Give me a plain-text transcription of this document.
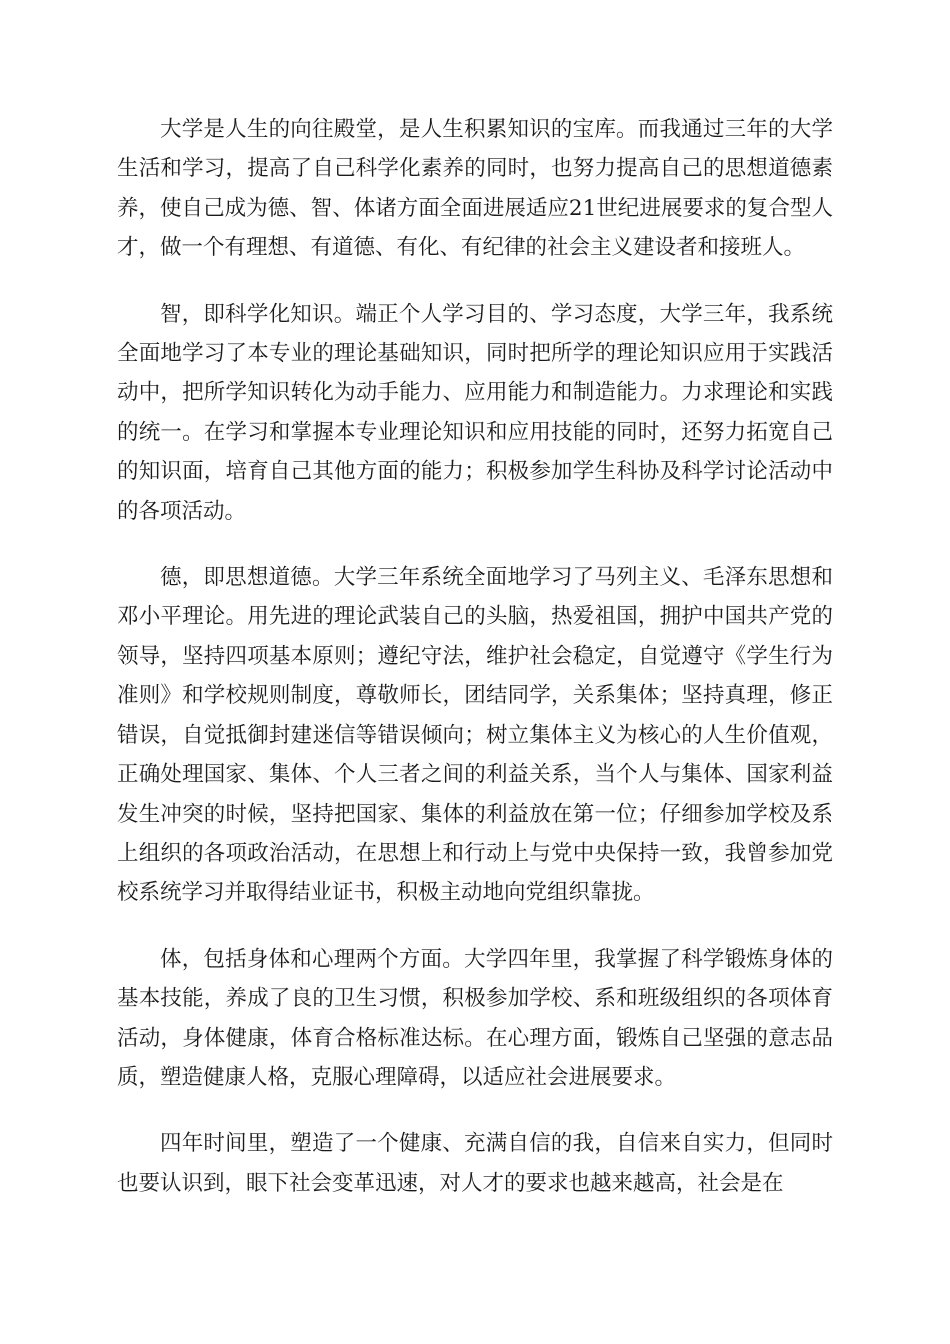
大学是人生的向往殿堂，是人生积累知识的宝库。而我通过三年的大学生活和学习，提高了自己科学化素养的同时，也努力提高自己的思想道德素养，使自己成为德、智、体诸方面全面进展适应21世纪进展要求的复合型人才，做一个有理想、有道德、有化、有纪律的社会主义建设者和接班人。

智，即科学化知识。端正个人学习目的、学习态度，大学三年，我系统全面地学习了本专业的理论基础知识，同时把所学的理论知识应用于实践活动中，把所学知识转化为动手能力、应用能力和制造能力。力求理论和实践的统一。在学习和掌握本专业理论知识和应用技能的同时，还努力拓宽自己的知识面，培育自己其他方面的能力；积极参加学生科协及科学讨论活动中的各项活动。

德，即思想道德。大学三年系统全面地学习了马列主义、毛泽东思想和邓小平理论。用先进的理论武装自己的头脑，热爱祖国，拥护中国共产党的领导，坚持四项基本原则；遵纪守法，维护社会稳定，自觉遵守《学生行为准则》和学校规则制度，尊敬师长，团结同学，关系集体；坚持真理，修正错误，自觉抵御封建迷信等错误倾向；树立集体主义为核心的人生价值观，正确处理国家、集体、个人三者之间的利益关系，当个人与集体、国家利益发生冲突的时候，坚持把国家、集体的利益放在第一位；仔细参加学校及系上组织的各项政治活动，在思想上和行动上与党中央保持一致，我曾参加党校系统学习并取得结业证书，积极主动地向党组织靠拢。

体，包括身体和心理两个方面。大学四年里，我掌握了科学锻炼身体的基本技能，养成了良的卫生习惯，积极参加学校、系和班级组织的各项体育活动，身体健康，体育合格标准达标。在心理方面，锻炼自己坚强的意志品质，塑造健康人格，克服心理障碍，以适应社会进展要求。

四年时间里，塑造了一个健康、充满自信的我，自信来自实力，但同时也要认识到，眼下社会变革迅速，对人才的要求也越来越高，社会是在
